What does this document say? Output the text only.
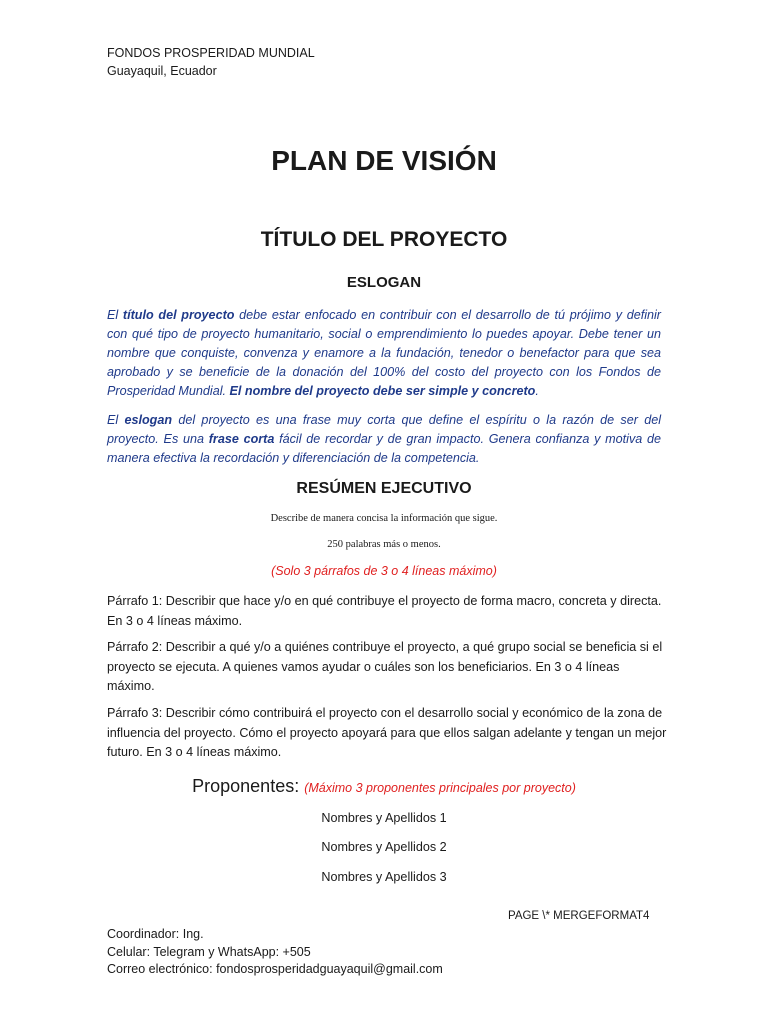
FONDOS PROSPERIDAD MUNDIAL
Guayaquil, Ecuador
PLAN DE VISIÓN
TÍTULO DEL PROYECTO
ESLOGAN
El título del proyecto debe estar enfocado en contribuir con el desarrollo de tú prójimo y definir con qué tipo de proyecto humanitario, social o emprendimiento lo puedes apoyar. Debe tener un nombre que conquiste, convenza y enamore a la fundación, tenedor o benefactor para que sea aprobado y se beneficie de la donación del 100% del costo del proyecto con los Fondos de Prosperidad Mundial. El nombre del proyecto debe ser simple y concreto.
El eslogan del proyecto es una frase muy corta que define el espíritu o la razón de ser del proyecto. Es una frase corta fácil de recordar y de gran impacto. Genera confianza y motiva de manera efectiva la recordación y diferenciación de la competencia.
RESÚMEN EJECUTIVO
Describe de manera concisa la información que sigue.
250 palabras más o menos.
(Solo 3 párrafos de 3 o 4 líneas máximo)
Párrafo 1: Describir que hace y/o en qué contribuye el proyecto de forma macro, concreta y directa. En 3 o 4 líneas máximo.
Párrafo 2: Describir a qué y/o a quiénes contribuye el proyecto, a qué grupo social se beneficia si el proyecto se ejecuta. A quienes vamos ayudar o cuáles son los beneficiarios. En 3 o 4 líneas máximo.
Párrafo 3: Describir cómo contribuirá el proyecto con el desarrollo social y económico de la zona de influencia del proyecto. Cómo el proyecto apoyará para que ellos salgan adelante y tengan un mejor futuro. En 3 o 4 líneas máximo.
Proponentes: (Máximo 3 proponentes principales por proyecto)
Nombres y Apellidos 1
Nombres y Apellidos 2
Nombres y Apellidos 3
PAGE \* MERGEFORMAT4
Coordinador: Ing.
Celular: Telegram y WhatsApp: +505
Correo electrónico: fondosprosperidadguayaquil@gmail.com
